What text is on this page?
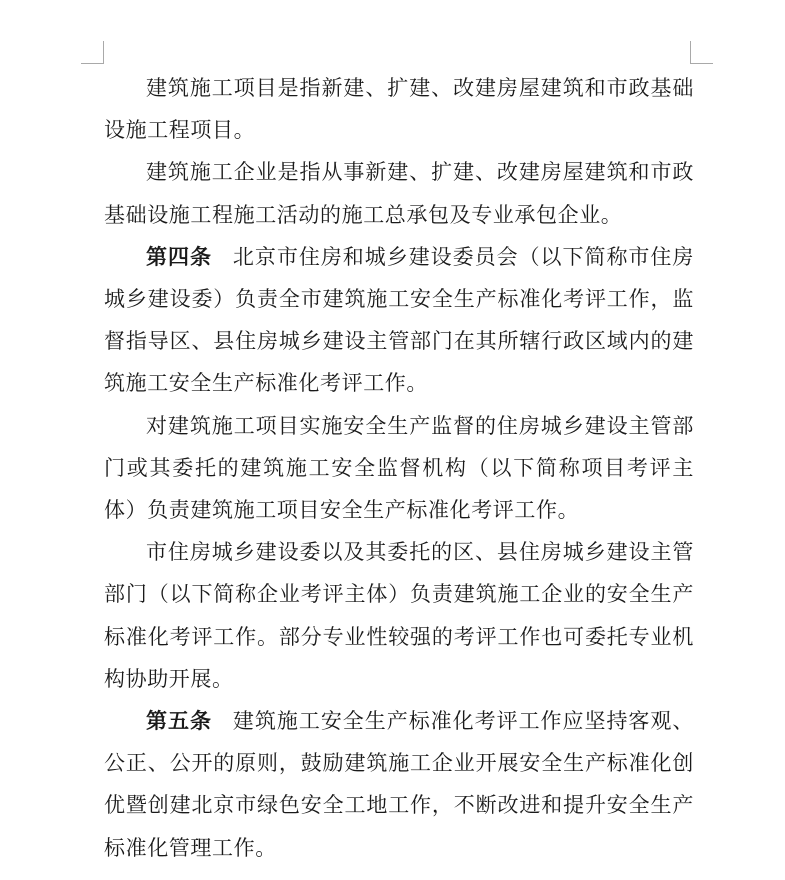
建筑施工项目是指新建、扩建、改建房屋建筑和市政基础设施工程项目。

建筑施工企业是指从事新建、扩建、改建房屋建筑和市政基础设施工程施工活动的施工总承包及专业承包企业。

第四条 北京市住房和城乡建设委员会（以下简称市住房城乡建设委）负责全市建筑施工安全生产标准化考评工作，监督指导区、县住房城乡建设主管部门在其所辖行政区域内的建筑施工安全生产标准化考评工作。

对建筑施工项目实施安全生产监督的住房城乡建设主管部门或其委托的建筑施工安全监督机构（以下简称项目考评主体）负责建筑施工项目安全生产标准化考评工作。

市住房城乡建设委以及其委托的区、县住房城乡建设主管部门（以下简称企业考评主体）负责建筑施工企业的安全生产标准化考评工作。部分专业性较强的考评工作也可委托专业机构协助开展。

第五条 建筑施工安全生产标准化考评工作应坚持客观、公正、公开的原则，鼓励建筑施工企业开展安全生产标准化创优暨创建北京市绿色安全工地工作，不断改进和提升安全生产标准化管理工作。
